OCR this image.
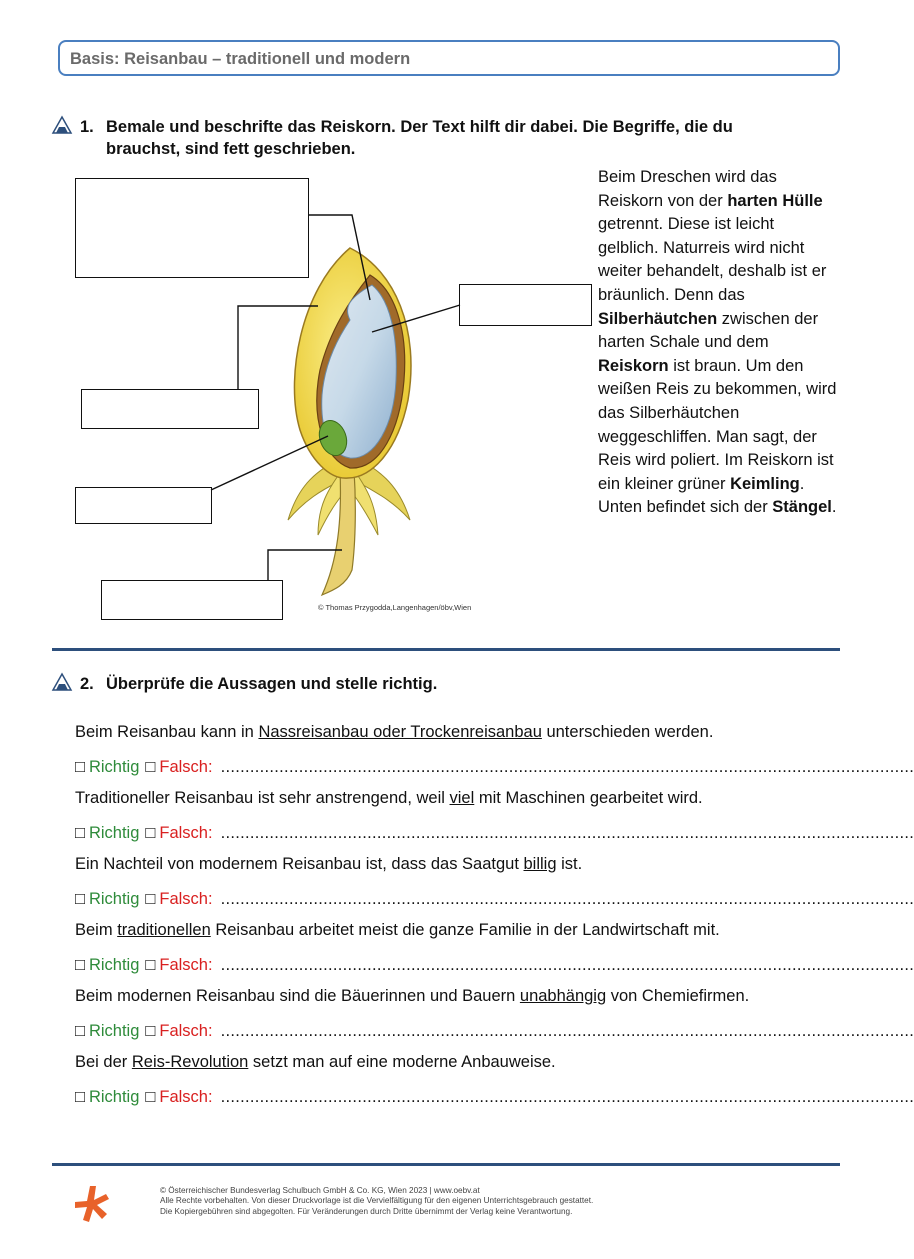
Basis: Reisanbau – traditionell und modern
1. Bemale und beschrifte das Reiskorn. Der Text hilft dir dabei. Die Begriffe, die du
brauchst, sind fett geschrieben.
© Thomas Przygodda,Langenhagen/öbv,Wien
Beim Dreschen wird das Reiskorn von der harten Hülle getrennt. Diese ist leicht gelblich. Naturreis wird nicht weiter behandelt, deshalb ist er bräunlich. Denn das Silberhäutchen zwischen der harten Schale und dem Reiskorn ist braun. Um den weißen Reis zu bekommen, wird das Silberhäutchen weggeschliffen. Man sagt, der Reis wird poliert. Im Reiskorn ist ein kleiner grüner Keimling. Unten befindet sich der Stängel.
2. Überprüfe die Aussagen und stelle richtig.
Beim Reisanbau kann in Nassreisanbau oder Trockenreisanbau unterschieden werden.
□ Richtig □ Falsch: ..............................................................................................................................................
Traditioneller Reisanbau ist sehr anstrengend, weil viel mit Maschinen gearbeitet wird.
□ Richtig □ Falsch: ..............................................................................................................................................
Ein Nachteil von modernem Reisanbau ist, dass das Saatgut billig ist.
□ Richtig □ Falsch: ..............................................................................................................................................
Beim traditionellen Reisanbau arbeitet meist die ganze Familie in der Landwirtschaft mit.
□ Richtig □ Falsch: ..............................................................................................................................................
Beim modernen Reisanbau sind die Bäuerinnen und Bauern unabhängig von Chemiefirmen.
□ Richtig □ Falsch: ..............................................................................................................................................
Bei der Reis-Revolution setzt man auf eine moderne Anbauweise.
□ Richtig □ Falsch: ..............................................................................................................................................
© Österreichischer Bundesverlag Schulbuch GmbH & Co. KG, Wien 2023 | www.oebv.at
Alle Rechte vorbehalten. Von dieser Druckvorlage ist die Vervielfältigung für den eigenen Unterrichtsgebrauch gestattet.
Die Kopiergebühren sind abgegolten. Für Veränderungen durch Dritte übernimmt der Verlag keine Verantwortung.
